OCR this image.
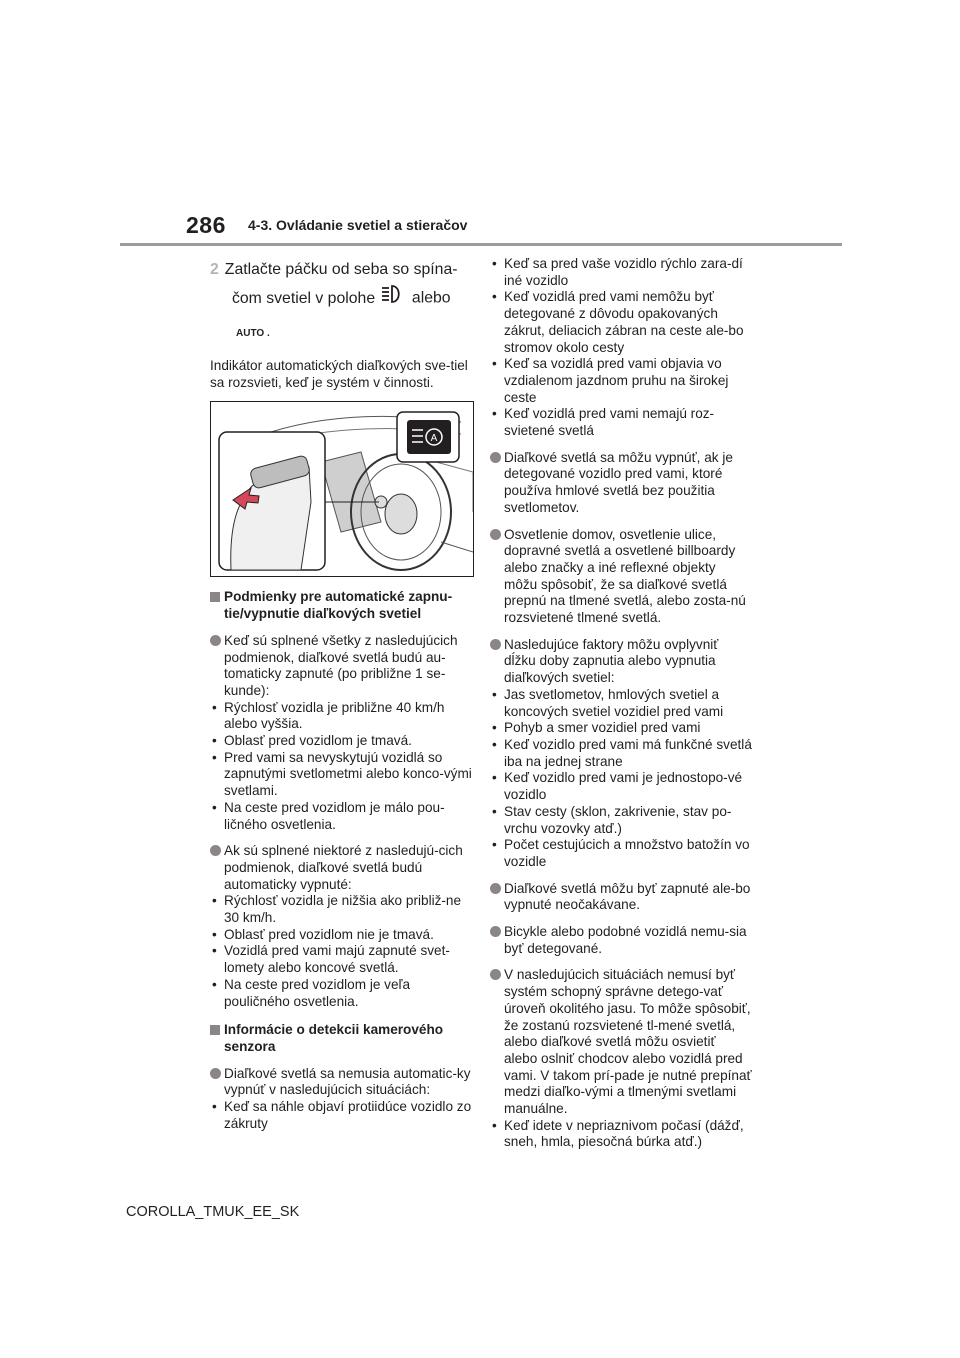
286 4-3. Ovládanie svetiel a stieračov

2 Zatlačte páčku od seba so spína-
čom svetiel v polohe alebo

AUTO .

Indikátor automatických diaľkových sve-tiel sa rozsvieti, keď je systém v činnosti.

A

Podmienky pre automatické zapnu-tie/vypnutie diaľkových svetiel

Keď sú splnené všetky z nasledujúcich podmienok, diaľkové svetlá budú au-tomaticky zapnuté (po približne 1 se-kunde):

• Rýchlosť vozidla je približne 40 km/h alebo vyššia.

• Oblasť pred vozidlom je tmavá.

• Pred vami sa nevyskytujú vozidlá so zapnutými svetlometmi alebo konco-vými svetlami.

• Na ceste pred vozidlom je málo pou-ličného osvetlenia.

Ak sú splnené niektoré z nasledujú-cich podmienok, diaľkové svetlá budú automaticky vypnuté:

• Rýchlosť vozidla je nižšia ako približ-ne 30 km/h.

• Oblasť pred vozidlom nie je tmavá.

• Vozidlá pred vami majú zapnuté svet-lomety alebo koncové svetlá.

• Na ceste pred vozidlom je veľa pouličného osvetlenia.

Informácie o detekcii kamerového senzora

Diaľkové svetlá sa nemusia automatic-ky vypnúť v nasledujúcich situáciách:

• Keď sa náhle objaví protiidúce vozidlo zo zákruty

• Keď sa pred vaše vozidlo rýchlo zara-dí iné vozidlo

• Keď vozidlá pred vami nemôžu byť detegované z dôvodu opakovaných zákrut, deliacich zábran na ceste ale-bo stromov okolo cesty

• Keď sa vozidlá pred vami objavia vo vzdialenom jazdnom pruhu na širokej ceste

• Keď vozidlá pred vami nemajú roz-svietené svetlá

Diaľkové svetlá sa môžu vypnúť, ak je detegované vozidlo pred vami, ktoré používa hmlové svetlá bez použitia svetlometov.
Osvetlenie domov, osvetlenie ulice, dopravné svetlá a osvetlené billboardy alebo značky a iné reflexné objekty môžu spôsobiť, že sa diaľkové svetlá prepnú na tlmené svetlá, alebo zosta-nú rozsvietené tlmené svetlá.
Nasledujúce faktory môžu ovplyvniť dĺžku doby zapnutia alebo vypnutia diaľkových svetiel:

• Jas svetlometov, hmlových svetiel a koncových svetiel vozidiel pred vami

• Pohyb a smer vozidiel pred vami

• Keď vozidlo pred vami má funkčné svetlá iba na jednej strane

• Keď vozidlo pred vami je jednostopo-vé vozidlo

• Stav cesty (sklon, zakrivenie, stav po-vrchu vozovky atď.)

• Počet cestujúcich a množstvo batožín vo vozidle

Diaľkové svetlá môžu byť zapnuté ale-bo vypnuté neočakávane.
Bicykle alebo podobné vozidlá nemu-sia byť detegované.
V nasledujúcich situáciách nemusí byť systém schopný správne detego-vať úroveň okolitého jasu. To môže spôsobiť, že zostanú rozsvietené tl-mené svetlá, alebo diaľkové svetlá môžu osvietiť alebo oslniť chodcov alebo vozidlá pred vami. V takom prí-pade je nutné prepínať medzi diaľko-vými a tlmenými svetlami manuálne.

• Keď idete v nepriaznivom počasí (dážď, sneh, hmla, piesočná búrka atď.)

COROLLA_TMUK_EE_SK
